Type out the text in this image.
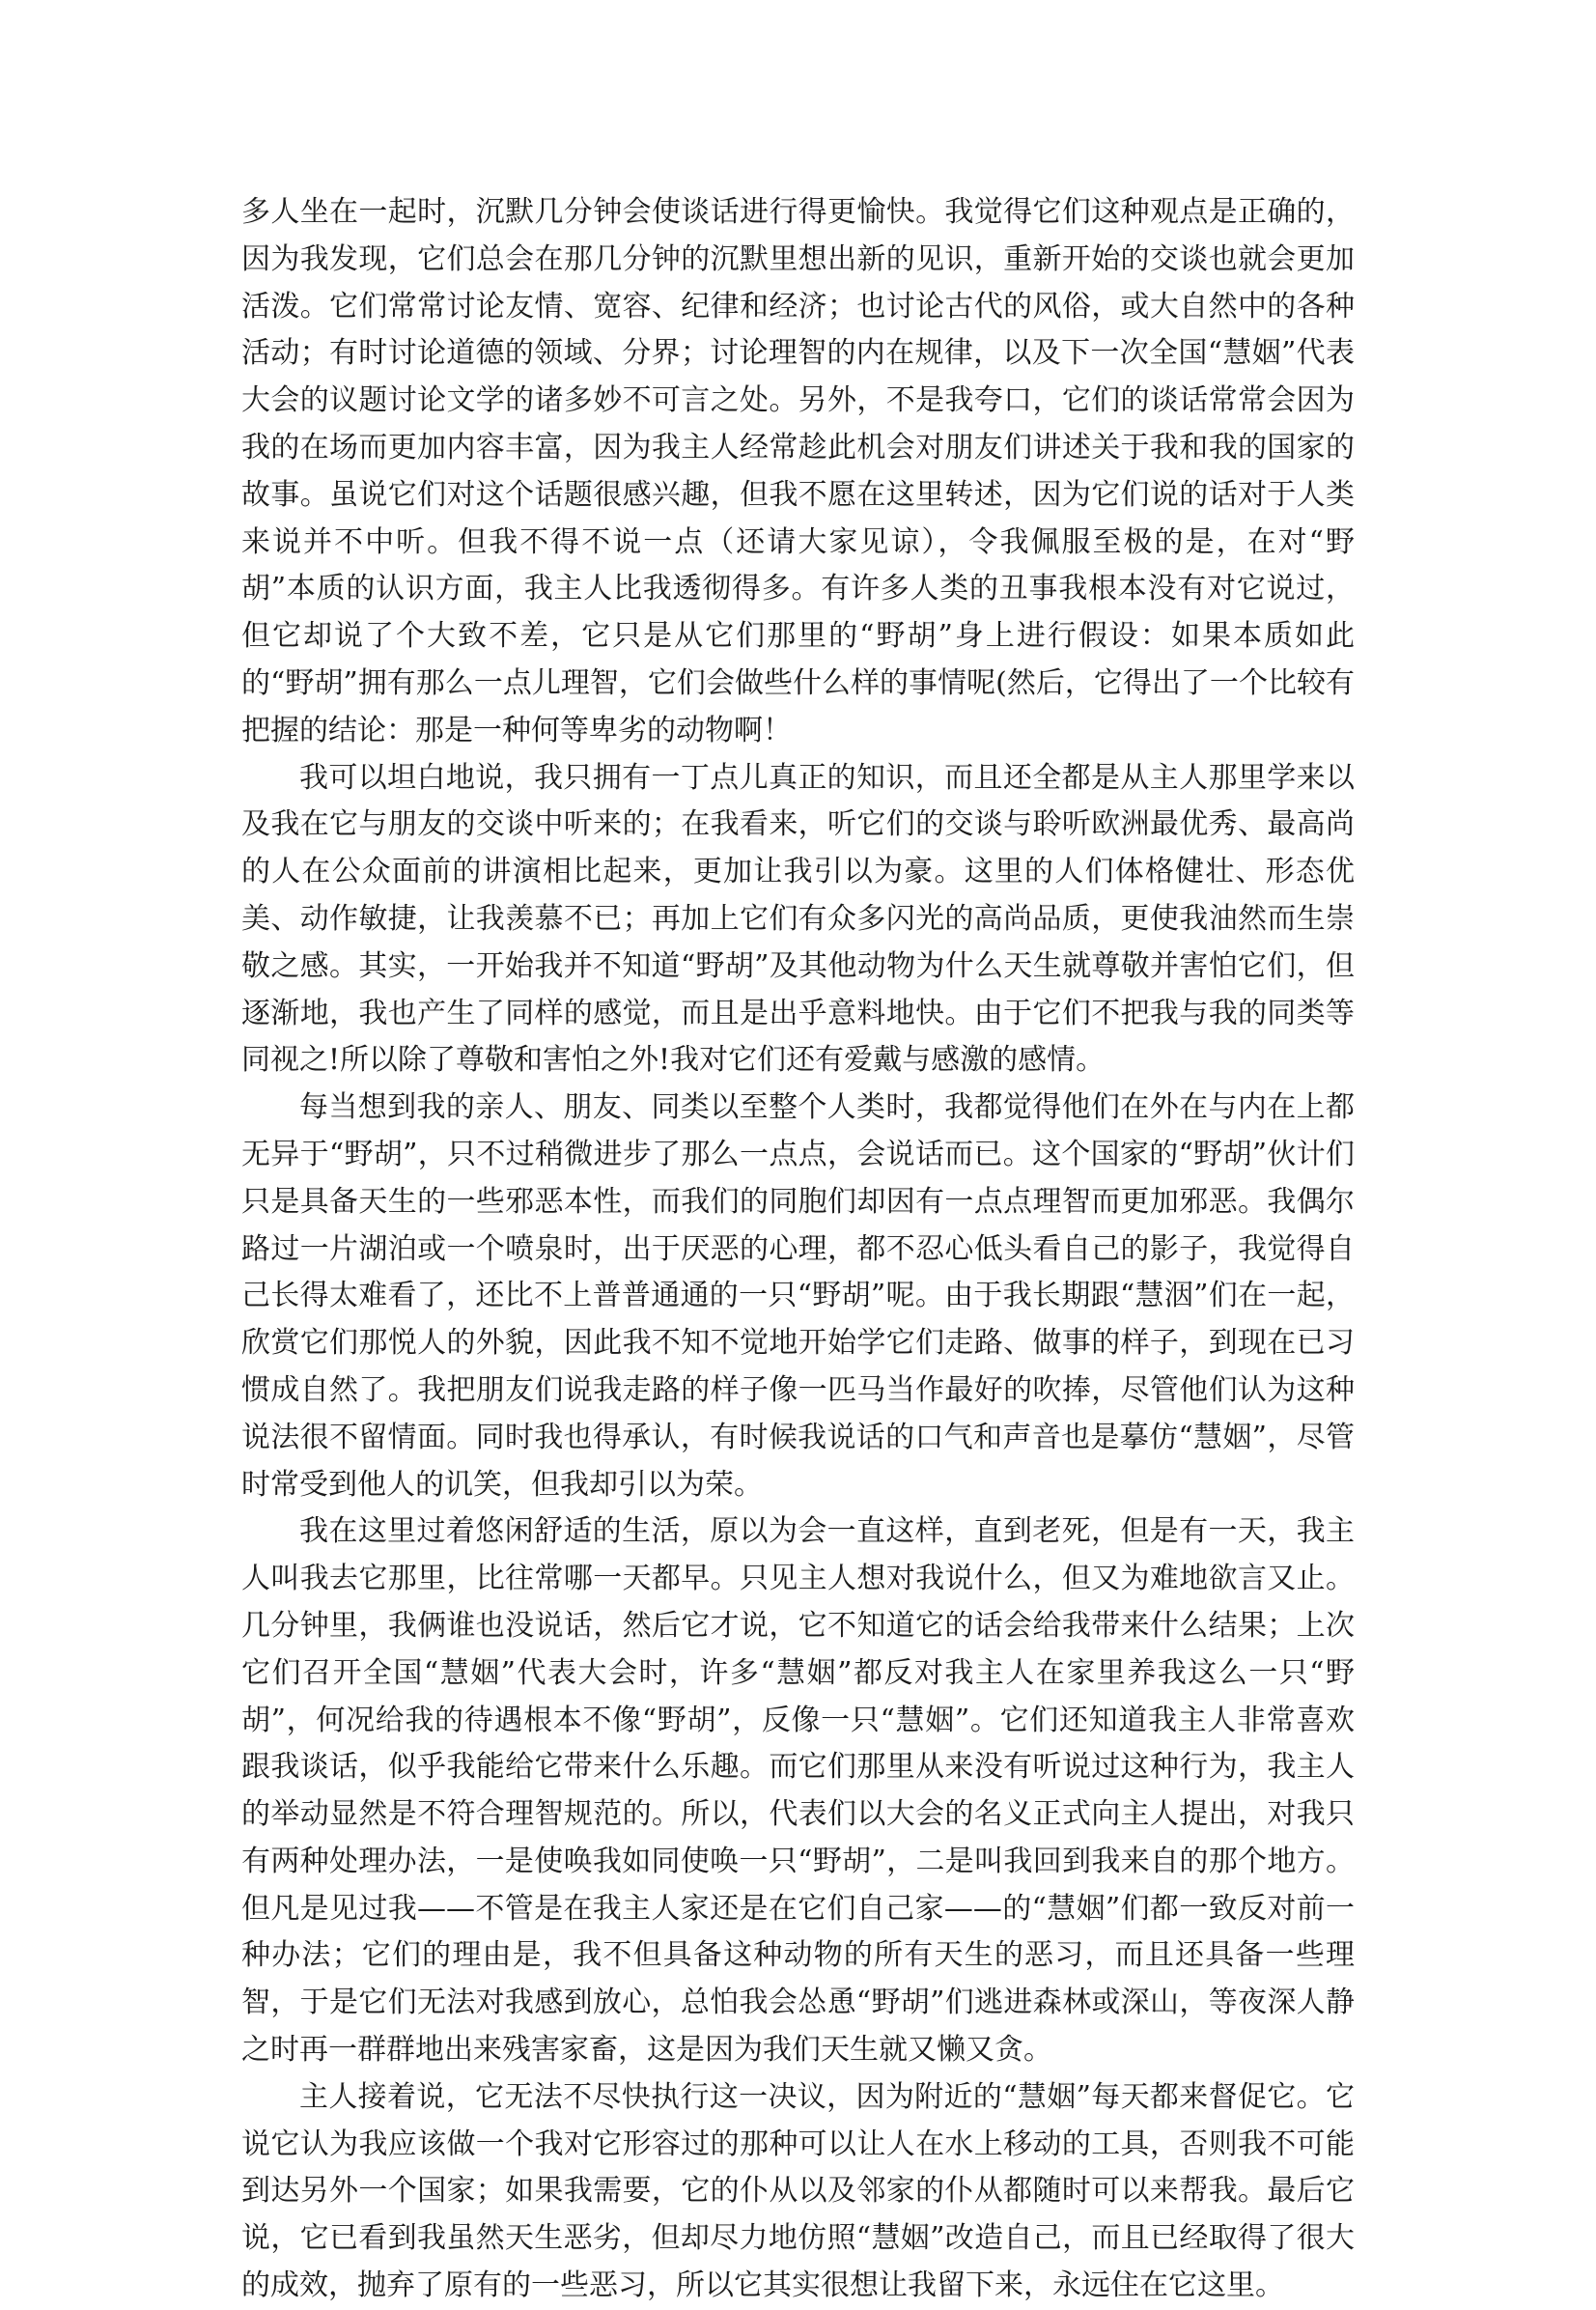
多人坐在一起时，沉默几分钟会使谈话进行得更愉快。我觉得它们这种观点是正确的，因为我发现，它们总会在那几分钟的沉默里想出新的见识，重新开始的交谈也就会更加活泼。它们常常讨论友情、宽容、纪律和经济；也讨论古代的风俗，或大自然中的各种活动；有时讨论道德的领域、分界；讨论理智的内在规律，以及下一次全国“慧姻”代表大会的议题讨论文学的诸多妙不可言之处。另外，不是我夸口，它们的谈话常常会因为我的在场而更加内容丰富，因为我主人经常趁此机会对朋友们讲述关于我和我的国家的故事。虽说它们对这个话题很感兴趣，但我不愿在这里转述，因为它们说的话对于人类来说并不中听。但我不得不说一点（还请大家见谅），令我佩服至极的是，在对“野胡”本质的认识方面，我主人比我透彻得多。有许多人类的丑事我根本没有对它说过，但它却说了个大致不差，它只是从它们那里的“野胡”身上进行假设：如果本质如此的“野胡”拥有那么一点儿理智，它们会做些什么样的事情呢(然后，它得出了一个比较有把握的结论：那是一种何等卑劣的动物啊！

我可以坦白地说，我只拥有一丁点儿真正的知识，而且还全都是从主人那里学来以及我在它与朋友的交谈中听来的；在我看来，听它们的交谈与聆听欧洲最优秀、最高尚的人在公众面前的讲演相比起来，更加让我引以为豪。这里的人们体格健壮、形态优美、动作敏捷，让我羡慕不已；再加上它们有众多闪光的高尚品质，更使我油然而生崇敬之感。其实，一开始我并不知道“野胡”及其他动物为什么天生就尊敬并害怕它们，但逐渐地，我也产生了同样的感觉，而且是出乎意料地快。由于它们不把我与我的同类等同视之!所以除了尊敬和害怕之外!我对它们还有爱戴与感激的感情。

每当想到我的亲人、朋友、同类以至整个人类时，我都觉得他们在外在与内在上都无异于“野胡”，只不过稍微进步了那么一点点，会说话而已。这个国家的“野胡”伙计们只是具备天生的一些邪恶本性，而我们的同胞们却因有一点点理智而更加邪恶。我偶尔路过一片湖泊或一个喷泉时，出于厌恶的心理，都不忍心低头看自己的影子，我觉得自己长得太难看了，还比不上普普通通的一只“野胡”呢。由于我长期跟“慧洇”们在一起，欣赏它们那悦人的外貌，因此我不知不觉地开始学它们走路、做事的样子，到现在已习惯成自然了。我把朋友们说我走路的样子像一匹马当作最好的吹捧，尽管他们认为这种说法很不留情面。同时我也得承认，有时候我说话的口气和声音也是摹仿“慧姻”，尽管时常受到他人的讥笑，但我却引以为荣。

我在这里过着悠闲舒适的生活，原以为会一直这样，直到老死，但是有一天，我主人叫我去它那里，比往常哪一天都早。只见主人想对我说什么，但又为难地欲言又止。几分钟里，我俩谁也没说话，然后它才说，它不知道它的话会给我带来什么结果；上次它们召开全国“慧姻”代表大会时，许多“慧姻”都反对我主人在家里养我这么一只“野胡”，何况给我的待遇根本不像“野胡”，反像一只“慧姻”。它们还知道我主人非常喜欢跟我谈话，似乎我能给它带来什么乐趣。而它们那里从来没有听说过这种行为，我主人的举动显然是不符合理智规范的。所以，代表们以大会的名义正式向主人提出，对我只有两种处理办法，一是使唤我如同使唤一只“野胡”，二是叫我回到我来自的那个地方。但凡是见过我——不管是在我主人家还是在它们自己家——的“慧姻”们都一致反对前一种办法；它们的理由是，我不但具备这种动物的所有天生的恶习，而且还具备一些理智，于是它们无法对我感到放心，总怕我会怂恿“野胡”们逃进森林或深山，等夜深人静之时再一群群地出来残害家畜，这是因为我们天生就又懒又贪。

主人接着说，它无法不尽快执行这一决议，因为附近的“慧姻”每天都来督促它。它说它认为我应该做一个我对它形容过的那种可以让人在水上移动的工具，否则我不可能到达另外一个国家；如果我需要，它的仆从以及邻家的仆从都随时可以来帮我。最后它说，它已看到我虽然天生恶劣，但却尽力地仿照“慧姻”改造自己，而且已经取得了很大的成效，抛弃了原有的一些恶习，所以它其实很想让我留下来，永远住在它这里。
